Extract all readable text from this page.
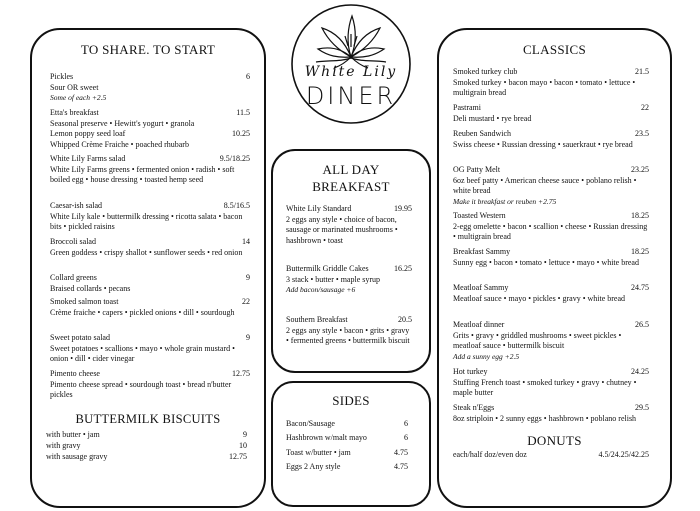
White Lily
DINER
TO SHARE. TO START
Pickles	6
Sour OR sweet
Some of each +2.5
Etta's breakfast	11.5
Seasonal preserve • Hewitt's yogurt • granola
Lemon poppy seed loaf	10.25
Whipped Crème Fraiche • poached rhubarb
White Lily Farms salad	9.5/18.25
White Lily Farms greens • fermented onion • radish • soft boiled egg • house dressing • toasted hemp seed
Caesar-ish salad	8.5/16.5
White Lily kale • buttermilk dressing • ricotta salata • bacon bits • pickled raisins
Broccoli salad	14
Green goddess • crispy shallot • sunflower seeds • red onion
Collard greens	9
Braised collards • pecans
Smoked salmon toast	22
Crème fraiche • capers • pickled onions • dill • sourdough
Sweet potato salad	9
Sweet potatoes • scallions • mayo • whole grain mustard • onion • dill • cider vinegar
Pimento cheese	12.75
Pimento cheese spread • sourdough toast • bread n'butter pickles
BUTTERMILK BISCUITS
with butter • jam	9
with gravy	10
with sausage gravy	12.75
ALL DAY
BREAKFAST
White Lily Standard	19.95
2 eggs any style • choice of bacon, sausage or marinated mushrooms • hashbrown • toast
Buttermilk Griddle Cakes	16.25
3 stack • butter • maple syrup
Add bacon/sausage +6
Southern Breakfast	20.5
2 eggs any style • bacon • grits • gravy • fermented greens • buttermilk biscuit
SIDES
Bacon/Sausage	6
Hashbrown w/malt mayo	6
Toast w/butter • jam	4.75
Eggs 2 Any style	4.75
CLASSICS
Smoked turkey club	21.5
Smoked turkey • bacon mayo • bacon • tomato • lettuce • multigrain bread
Pastrami	22
Deli mustard • rye bread
Reuben Sandwich	23.5
Swiss cheese • Russian dressing • sauerkraut • rye bread
OG Patty Melt	23.25
6oz beef patty • American cheese sauce • poblano relish • white bread
Make it breakfast or reuben +2.75
Toasted Western	18.25
2-egg omelette • bacon • scallion • cheese • Russian dressing • multigrain bread
Breakfast Sammy	18.25
Sunny egg • bacon • tomato • lettuce • mayo • white bread
Meatloaf Sammy	24.75
Meatloaf sauce • mayo • pickles • gravy • white bread
Meatloaf dinner	26.5
Grits • gravy • griddled mushrooms • sweet pickles • meatloaf sauce • buttermilk biscuit
Add a sunny egg +2.5
Hot turkey	24.25
Stuffing French toast • smoked turkey • gravy • chutney • maple butter
Steak n'Eggs	29.5
8oz striploin • 2 sunny eggs • hashbrown • poblano relish
DONUTS
each/half doz/even doz	4.5/24.25/42.25
